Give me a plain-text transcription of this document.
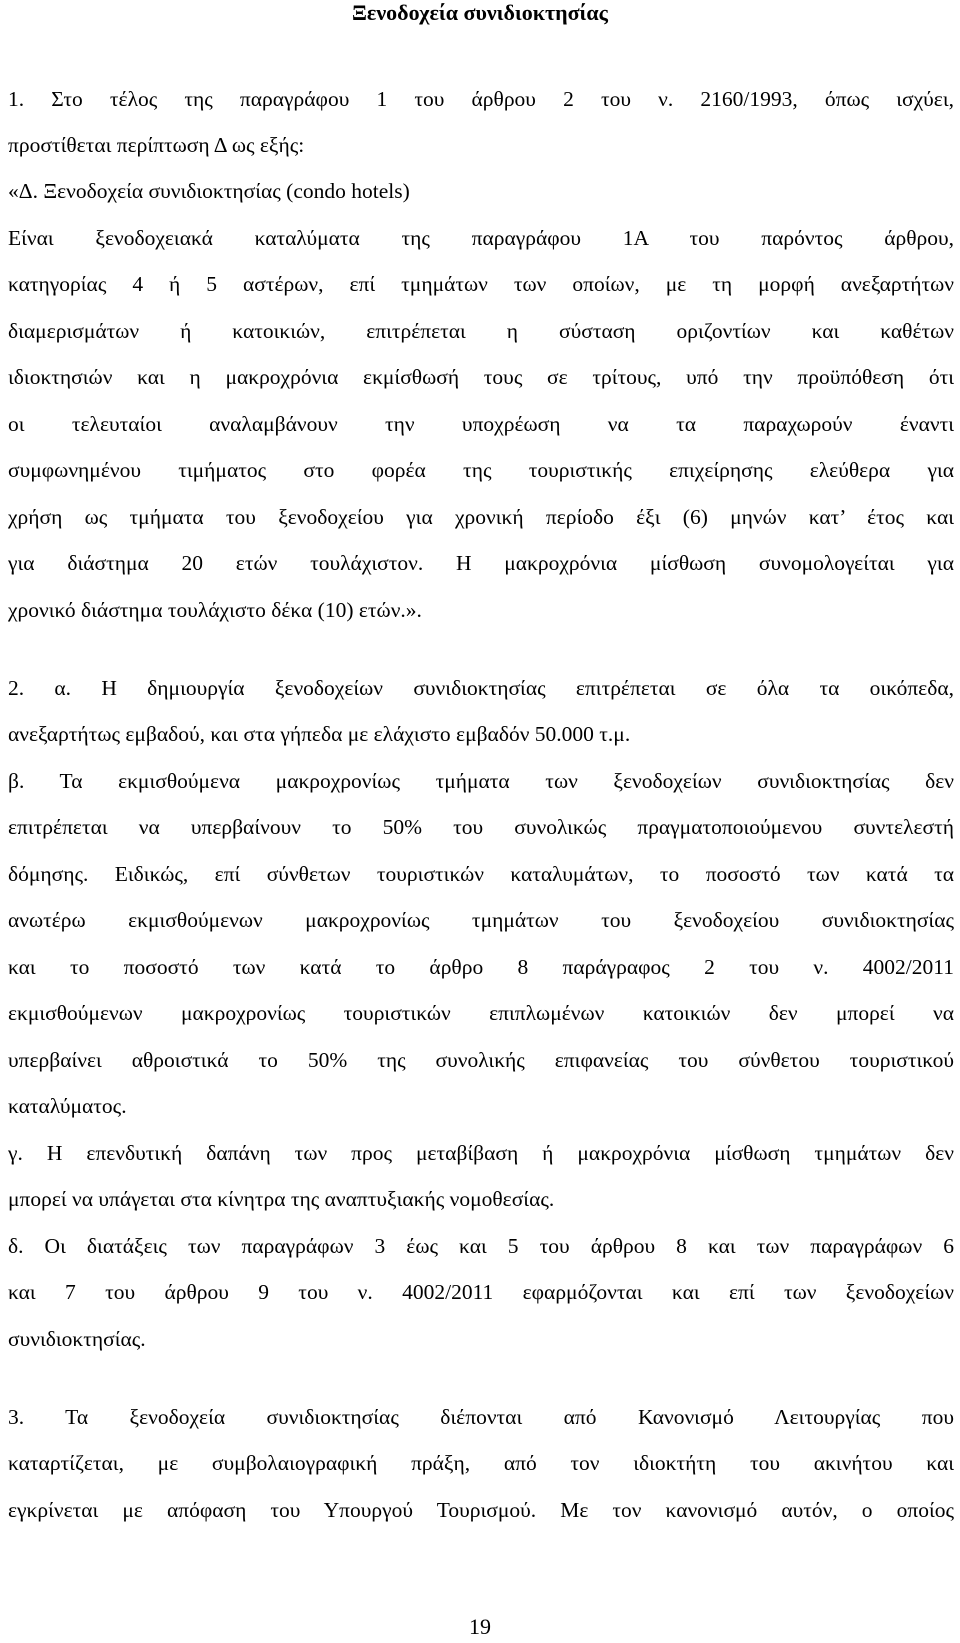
Ξενοδοχεία συνιδιοκτησίας
1. Στο τέλος της παραγράφου 1 του άρθρου 2 του ν. 2160/1993, όπως ισχύει,
προστίθεται περίπτωση Δ ως εξής:
«Δ. Ξενοδοχεία συνιδιοκτησίας (condo hotels)
Είναι ξενοδοχειακά καταλύματα της παραγράφου 1Α του παρόντος άρθρου,
κατηγορίας 4 ή 5 αστέρων, επί τμημάτων των οποίων, με τη μορφή ανεξαρτήτων
διαμερισμάτων ή κατοικιών, επιτρέπεται η σύσταση οριζοντίων και καθέτων
ιδιοκτησιών και η μακροχρόνια εκμίσθωσή τους σε τρίτους, υπό την προϋπόθεση ότι
οι τελευταίοι αναλαμβάνουν την υποχρέωση να τα παραχωρούν έναντι
συμφωνημένου τιμήματος στο φορέα της τουριστικής επιχείρησης ελεύθερα για
χρήση ως τμήματα του ξενοδοχείου για χρονική περίοδο έξι (6) μηνών κατ’ έτος και
για διάστημα 20 ετών τουλάχιστον. Η μακροχρόνια μίσθωση συνομολογείται για
χρονικό διάστημα τουλάχιστο δέκα (10) ετών.».
2. α. Η δημιουργία ξενοδοχείων συνιδιοκτησίας επιτρέπεται σε όλα τα οικόπεδα,
ανεξαρτήτως εμβαδού, και στα γήπεδα με ελάχιστο εμβαδόν 50.000 τ.μ.
β. Τα εκμισθούμενα μακροχρονίως τμήματα των ξενοδοχείων συνιδιοκτησίας δεν
επιτρέπεται να υπερβαίνουν το 50% του συνολικώς πραγματοποιούμενου συντελεστή
δόμησης. Ειδικώς, επί σύνθετων τουριστικών καταλυμάτων, το ποσοστό των κατά τα
ανωτέρω εκμισθούμενων μακροχρονίως τμημάτων του ξενοδοχείου συνιδιοκτησίας
και το ποσοστό των κατά το άρθρο 8 παράγραφος 2 του ν. 4002/2011
εκμισθούμενων μακροχρονίως τουριστικών επιπλωμένων κατοικιών δεν μπορεί να
υπερβαίνει αθροιστικά το 50% της συνολικής επιφανείας του σύνθετου τουριστικού
καταλύματος.
γ. Η επενδυτική δαπάνη των προς μεταβίβαση ή μακροχρόνια μίσθωση τμημάτων δεν
μπορεί να υπάγεται στα κίνητρα της αναπτυξιακής νομοθεσίας.
δ. Οι διατάξεις των παραγράφων 3 έως και 5 του άρθρου 8 και των παραγράφων 6
και 7 του άρθρου 9 του ν. 4002/2011 εφαρμόζονται και επί των ξενοδοχείων
συνιδιοκτησίας.
3. Τα ξενοδοχεία συνιδιοκτησίας διέπονται από Κανονισμό Λειτουργίας που
καταρτίζεται, με συμβολαιογραφική πράξη, από τον ιδιοκτήτη του ακινήτου και
εγκρίνεται με απόφαση του Υπουργού Τουρισμού. Με τον κανονισμό αυτόν, ο οποίος
19
